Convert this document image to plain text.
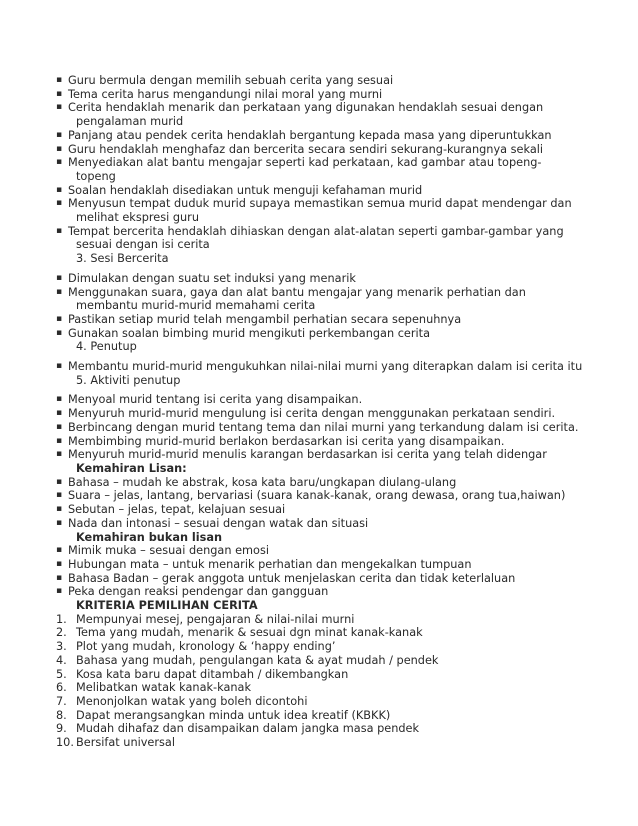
▪ Guru bermula dengan memilih sebuah cerita yang sesuai
▪ Tema cerita harus mengandungi nilai moral yang murni
▪ Cerita hendaklah menarik dan perkataan yang digunakan hendaklah sesuai dengan
pengalaman murid
▪ Panjang atau pendek cerita hendaklah bergantung kepada masa yang diperuntukkan
▪ Guru hendaklah menghafaz dan bercerita secara sendiri sekurang-kurangnya sekali
▪ Menyediakan alat bantu mengajar seperti kad perkataan, kad gambar atau topeng-
topeng
▪ Soalan hendaklah disediakan untuk menguji kefahaman murid
▪ Menyusun tempat duduk murid supaya memastikan semua murid dapat mendengar dan
melihat ekspresi guru
▪ Tempat bercerita hendaklah dihiaskan dengan alat-alatan seperti gambar-gambar yang
sesuai dengan isi cerita
3. Sesi Bercerita
▪ Dimulakan dengan suatu set induksi yang menarik
▪ Menggunakan suara, gaya dan alat bantu mengajar yang menarik perhatian dan
membantu murid-murid memahami cerita
▪ Pastikan setiap murid telah mengambil perhatian secara sepenuhnya
▪ Gunakan soalan bimbing murid mengikuti perkembangan cerita
4. Penutup
▪ Membantu murid-murid mengukuhkan nilai-nilai murni yang diterapkan dalam isi cerita itu
5. Aktiviti penutup
▪ Menyoal murid tentang isi cerita yang disampaikan.
▪ Menyuruh murid-murid mengulung isi cerita dengan menggunakan perkataan sendiri.
▪ Berbincang dengan murid tentang tema dan nilai murni yang terkandung dalam isi cerita.
▪ Membimbing murid-murid berlakon berdasarkan isi cerita yang disampaikan.
▪ Menyuruh murid-murid menulis karangan berdasarkan isi cerita yang telah didengar
Kemahiran Lisan:
▪ Bahasa – mudah ke abstrak, kosa kata baru/ungkapan diulang-ulang
▪ Suara – jelas, lantang, bervariasi (suara kanak-kanak, orang dewasa, orang tua,haiwan)
▪ Sebutan – jelas, tepat, kelajuan sesuai
▪ Nada dan intonasi – sesuai dengan watak dan situasi
Kemahiran bukan lisan
▪ Mimik muka – sesuai dengan emosi
▪ Hubungan mata – untuk menarik perhatian dan mengekalkan tumpuan
▪ Bahasa Badan – gerak anggota untuk menjelaskan cerita dan tidak keterlaluan
▪ Peka dengan reaksi pendengar dan gangguan
KRITERIA PEMILIHAN CERITA
1. Mempunyai mesej, pengajaran & nilai-nilai murni
2. Tema yang mudah, menarik & sesuai dgn minat kanak-kanak
3. Plot yang mudah, kronology & ‘happy ending’
4. Bahasa yang mudah, pengulangan kata & ayat mudah / pendek
5. Kosa kata baru dapat ditambah / dikembangkan
6. Melibatkan watak kanak-kanak
7. Menonjolkan watak yang boleh dicontohi
8. Dapat merangsangkan minda untuk idea kreatif (KBKK)
9. Mudah dihafaz dan disampaikan dalam jangka masa pendek
10. Bersifat universal
